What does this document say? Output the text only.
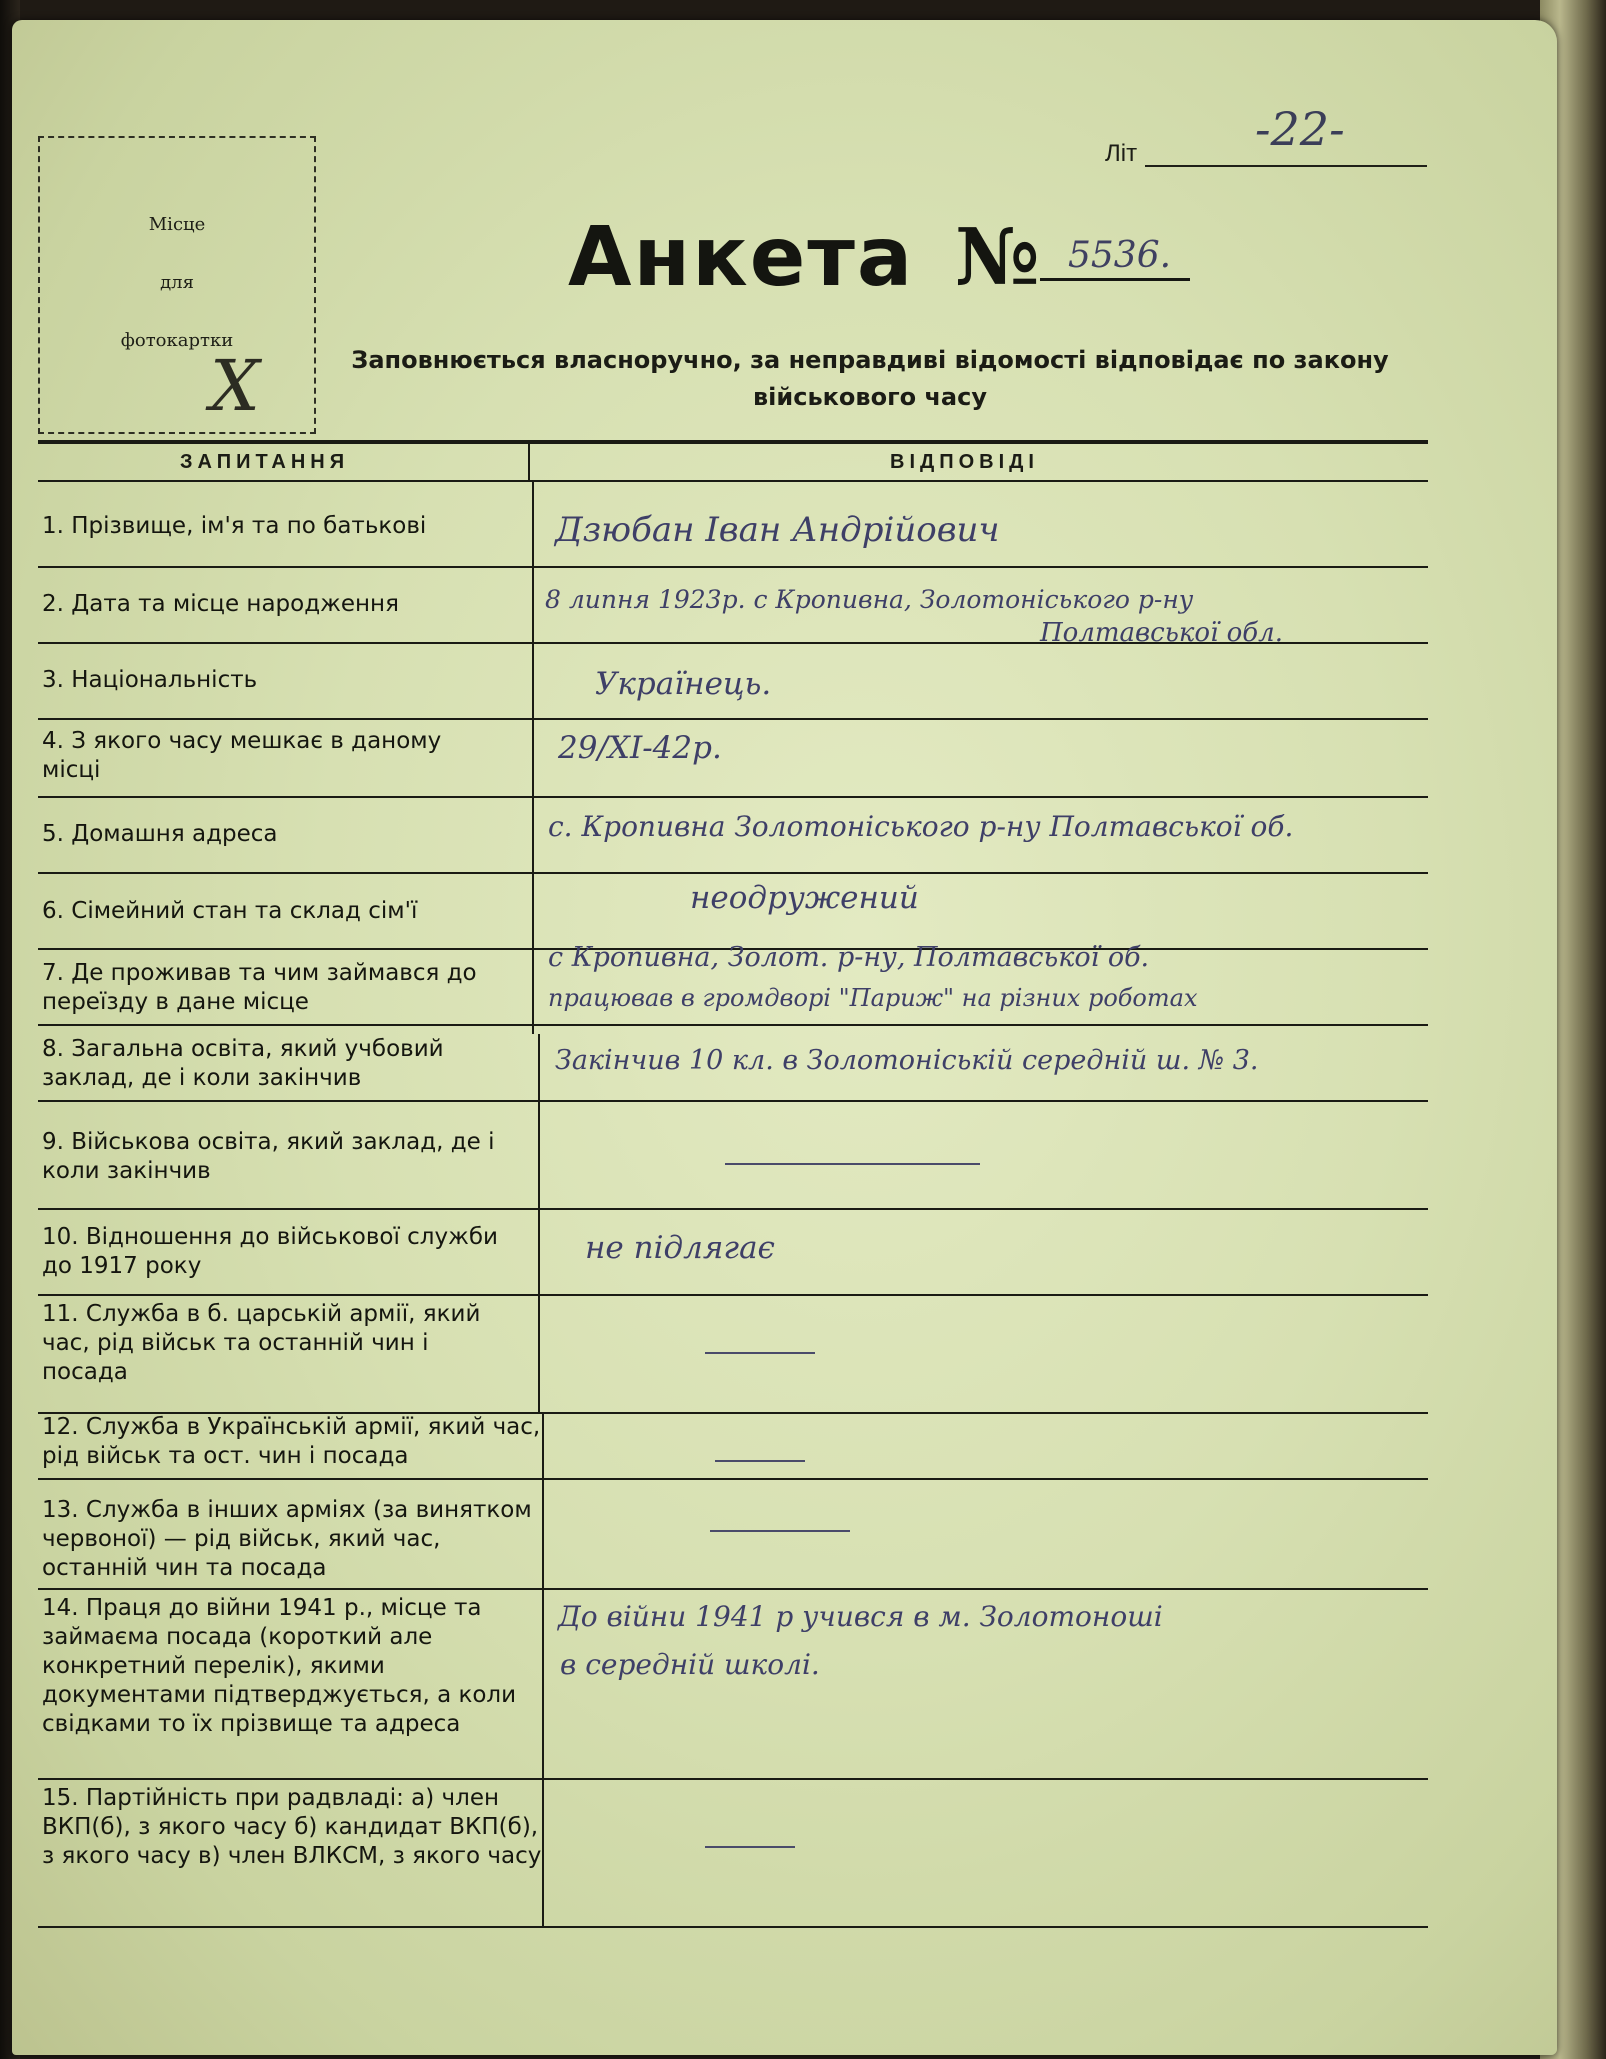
Місце
для
фотокартки
X
Літ	-22-
Анкета № 5536.
Заповнюється власноручно, за неправдиві відомості відповідає по закону
військового часу
ЗАПИТАННЯ	ВІДПОВІДІ
1. Прізвище, ім'я та по батькові
2. Дата та місце народження
3. Національність
4. З якого часу мешкає в даному місці
5. Домашня адреса
6. Сімейний стан та склад сім'ї
7. Де проживав та чим займався до переїзду в дане місце
8. Загальна освіта, який учбовий заклад, де і коли закінчив
9. Військова освіта, який заклад, де і коли закінчив
10. Відношення до військової служби до 1917 року
11. Служба в б. царській армії, який час, рід військ та останній чин і посада
12. Служба в Українській армії, який час, рід військ та ост. чин і посада
13. Служба в інших арміях (за винятком червоної) — рід військ, який час, останній чин та посада
14. Праця до війни 1941 р., місце та займаєма посада (короткий але конкретний перелік), якими документами підтверджується, а коли свідками то їх прізвище та адреса
15. Партійність при радвладі: а) член ВКП(б), з якого часу б) кандидат ВКП(б), з якого часу в) член ВЛКСМ, з якого часу
Дзюбан Іван Андрійович
8 липня 1923р. с Кропивна, Золотоніського р-ну
Полтавської обл.
Українець.
29/XI-42р.
с. Кропивна Золотоніського р-ну Полтавської об.
неодружений
с Кропивна, Золот. р-ну, Полтавської об.
працював в громдворі "Париж" на різних роботах
Закінчив 10 кл. в Золотоніській середній ш. № 3.
не підлягає
До війни 1941 р учився в м. Золотоноші
в середній школі.
